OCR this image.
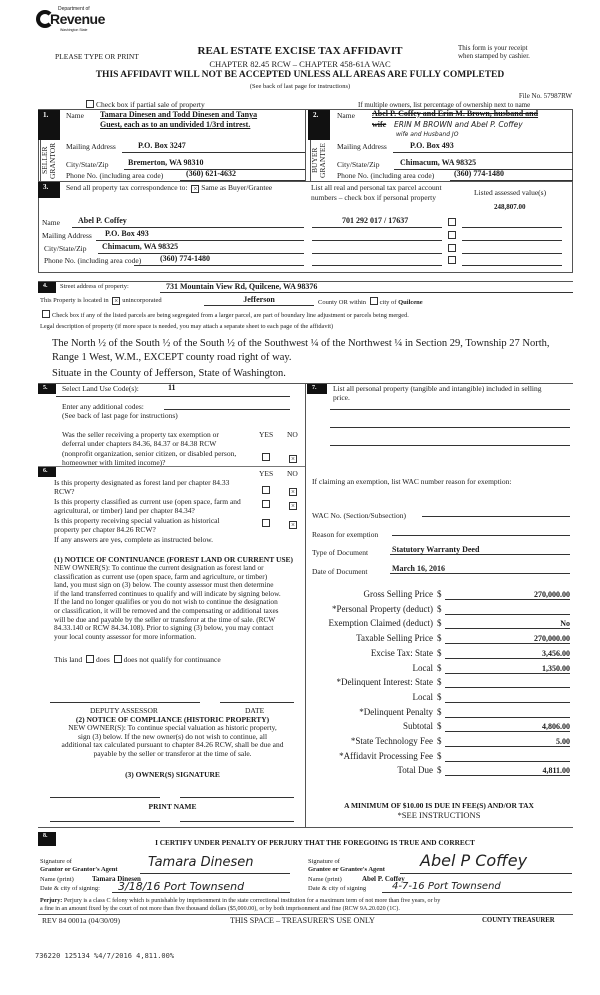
Department of
Revenue
Washington State
PLEASE TYPE OR PRINT	REAL ESTATE EXCISE TAX AFFIDAVIT
CHAPTER 82.45 RCW – CHAPTER 458-61A WAC
THIS AFFIDAVIT WILL NOT BE ACCEPTED UNLESS ALL AREAS ARE FULLY COMPLETED
(See back of last page for instructions)
This form is your receipt
when stamped by cashier.
File No. 57987RW
Check box if partial sale of property	If multiple owners, list percentage of ownership next to name
1.
SELLER GRANTOR
Name Tamara Dinesen and Todd Dinesen and Tanya
Guest, each as to an undivided 1/3rd intrest.
Mailing Address	P.O. Box 3247
City/State/Zip Bremerton, WA 98310
Phone No. (including area code)	(360) 621-4632
2.
BUYER GRANTEE
Name Abel P. Coffey and Erin M. Brown, husband and
wife ERIN M BROWN and Abel P. Coffey
wife and Husband JO
Mailing Address	P.O. Box 493
City/State/Zip	Chimacum, WA 98325
Phone No. (including area code) (360) 774-1480
3.	Send all property tax correspondence to: × Same as Buyer/Grantee
Name Abel P. Coffey
Mailing Address P.O. Box 493
City/State/Zip Chimacum, WA 98325
Phone No. (including area code) (360) 774-1480
List all real and personal tax parcel account
numbers – check box if personal property
Listed assessed value(s)
701 292 017 / 17637
248,807.00
4.	Street address of property:	731 Mountain View Rd, Quilcene, WA 98376
This Property is located in × unincorporated	Jefferson	County OR within city of Quilcene
Check box if any of the listed parcels are being segregated from a larger parcel, are part of boundary line adjustment or parcels being merged.
Legal description of property (if more space is needed, you may attach a separate sheet to each page of the affidavit)
The North ½ of the South ½ of the South ½ of the Southwest ¼ of the Northwest ¼ in Section 29, Township 27 North,
Range 1 West, W.M., EXCEPT county road right of way.
Situate in the County of Jefferson, State of Washington.
5.	Select Land Use Code(s):	11
Enter any additional codes:
(See back of last page for instructions)
Was the seller receiving a property tax exemption or
deferral under chapters 84.36, 84.37 or 84.38 RCW
(nonprofit organization, senior citizen, or disabled person,
homeowner with limited income)?
YES NO
×
6.	YES NO
Is this property designated as forest land per chapter 84.33
RCW?	×
Is this property classified as current use (open space, farm and
agricultural, or timber) land per chapter 84.34?	×
Is this property receiving special valuation as historical
property per chapter 84.26 RCW?	×
If any answers are yes, complete as instructed below.
(1) NOTICE OF CONTINUANCE (FOREST LAND OR CURRENT USE)
NEW OWNER(S): To continue the current designation as forest land or
classification as current use (open space, farm and agriculture, or timber)
land, you must sign on (3) below. The county assessor must then determine
if the land transferred continues to qualify and will indicate by signing below.
If the land no longer qualifies or you do not wish to continue the designation
or classification, it will be removed and the compensating or additional taxes
will be due and payable by the seller or transferor at the time of sale. (RCW
84.33.140 or RCW 84.34.108). Prior to signing (3) below, you may contact
your local county assessor for more information.
This land does does not qualify for continuance
DEPUTY ASSESSOR	DATE
(2) NOTICE OF COMPLIANCE (HISTORIC PROPERTY)
NEW OWNER(S): To continue special valuation as historic property,
sign (3) below. If the new owner(s) do not wish to continue, all
additional tax calculated pursuant to chapter 84.26 RCW, shall be due and
payable by the seller or transferor at the time of sale.
(3) OWNER(S) SIGNATURE
PRINT NAME
7.	List all personal property (tangible and intangible) included in selling
price.
If claiming an exemption, list WAC number reason for exemption:
WAC No. (Section/Subsection)
Reason for exemption
Type of Document	Statutory Warranty Deed
Date of Document	March 16, 2016
Gross Selling Price $	270,000.00
*Personal Property (deduct) $

Exemption Claimed (deduct) $	No
Taxable Selling Price $	270,000.00
Excise Tax: State $	3,456.00
Local $	1,350.00
*Delinquent Interest: State $

Local $

*Delinquent Penalty $

Subtotal $	4,806.00
*State Technology Fee $	5.00
*Affidavit Processing Fee $

Total Due $	4,811.00
A MINIMUM OF $10.00 IS DUE IN FEE(S) AND/OR TAX
*SEE INSTRUCTIONS
8.
I CERTIFY UNDER PENALTY OF PERJURY THAT THE FOREGOING IS TRUE AND CORRECT
Signature of
Grantor or Grantor's Agent Tamara Dinesen
Name (print)	Tamara Dinesen
Date & city of signing: 3/18/16 Port Townsend
Signature of
Grantee or Grantee's Agent Abel P Coffey
Name (print)	Abel P. Coffey
Date & city of signing	4-7-16 Port Townsend
Perjury: Perjury is a class C felony which is punishable by imprisonment in the state correctional institution for a maximum term of not more than five years, or by
a fine in an amount fixed by the court of not more than five thousand dollars ($5,000.00), or by both imprisonment and fine (RCW 9A.20.020 (1C).
REV 84 0001a (04/30/09)	THIS SPACE – TREASURER'S USE ONLY	COUNTY TREASURER
736220 125134 %4/7/2016 4,811.00%
